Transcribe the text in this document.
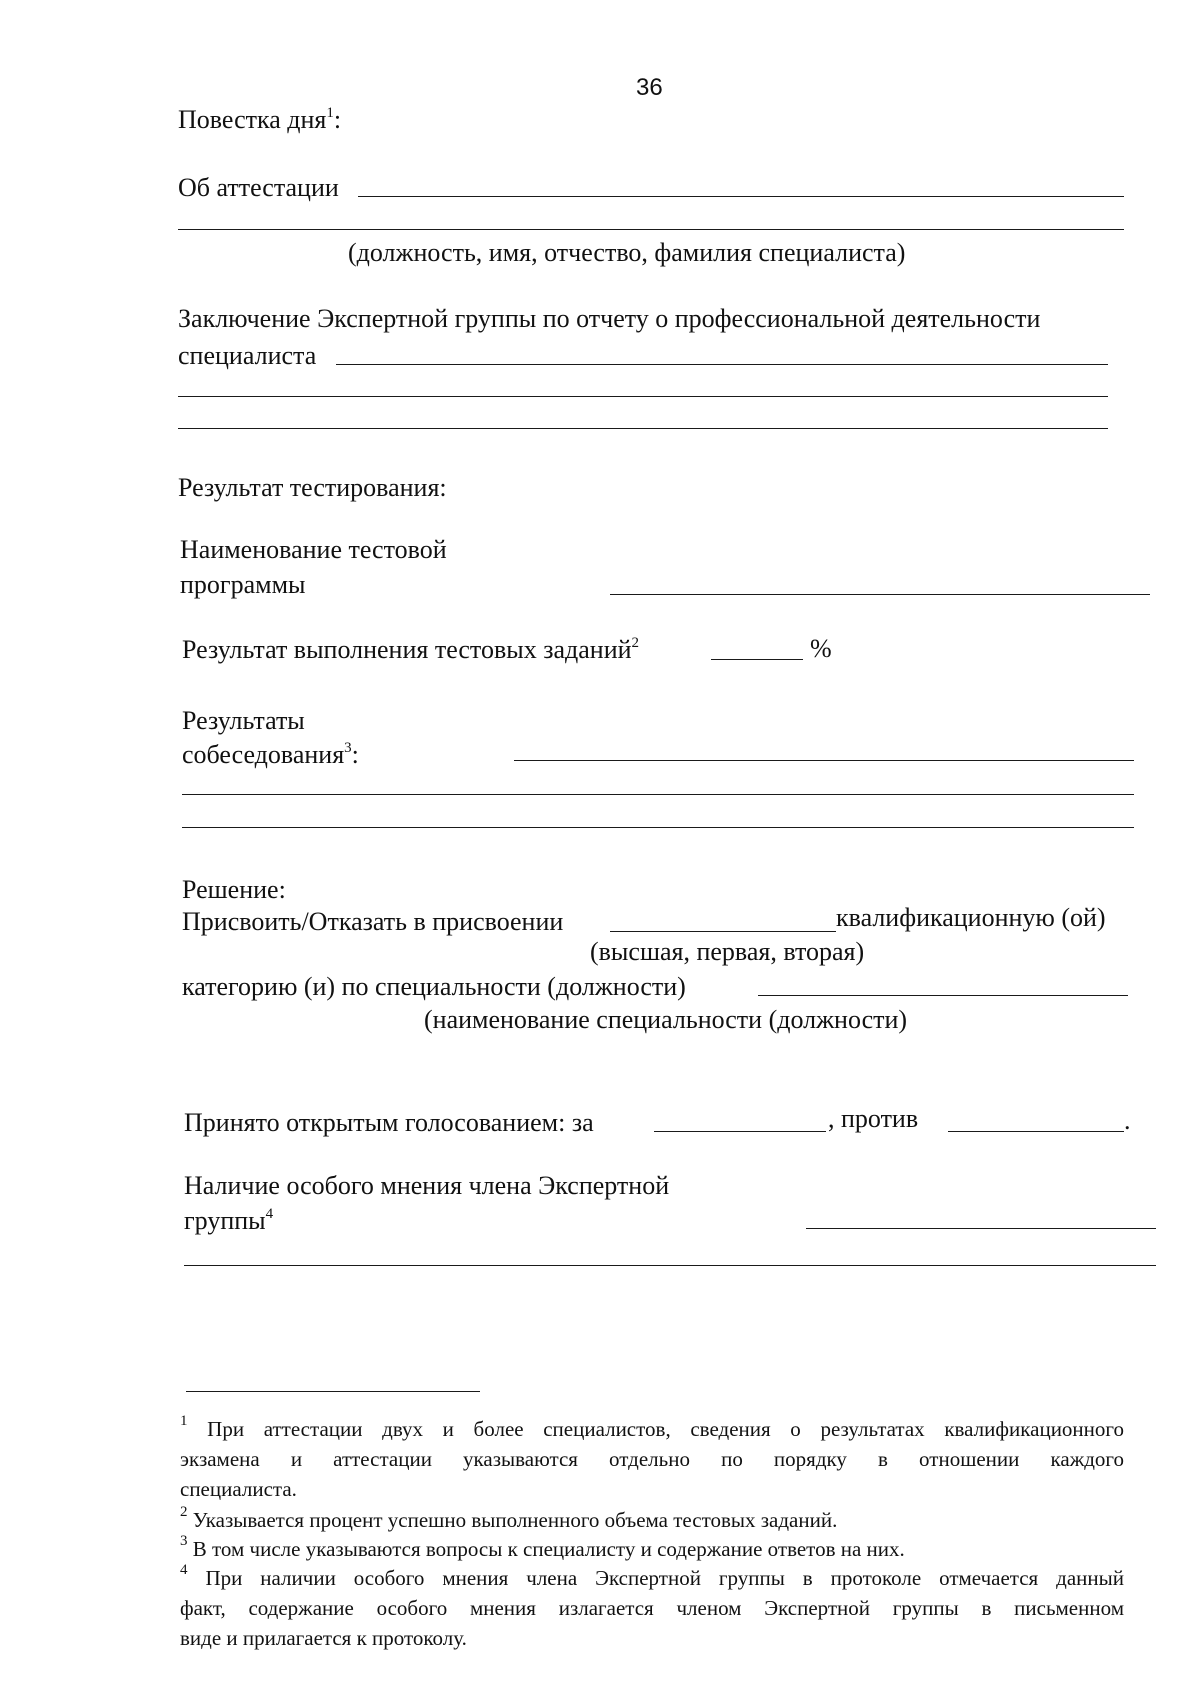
36
Повестка дня$^1$:
Об аттестации
(должность, имя, отчество, фамилия специалиста)
Заключение Экспертной группы по отчету о профессиональной деятельности
специалиста
Результат тестирования:
Наименование тестовой
программы
Результат выполнения тестовых заданий$^2$	%
Результаты
собеседования$^3$:
Решение:
Присвоить/Отказать в присвоении	квалификационную (ой)
(высшая, первая, вторая)
категорию (и) по специальности (должности)
(наименование специальности (должности)
Принято открытым голосованием: за	, против	.
Наличие особого мнения члена Экспертной
группы$^4$
$^1$ При аттестации двух и более специалистов, сведения о результатах квалификационного
экзамена и аттестации указываются отдельно по порядку в отношении каждого
специалиста.
$^2$ Указывается процент успешно выполненного объема тестовых заданий.
$^3$ В том числе указываются вопросы к специалисту и содержание ответов на них.
$^4$ При наличии особого мнения члена Экспертной группы в протоколе отмечается данный
факт, содержание особого мнения излагается членом Экспертной группы в письменном
виде и прилагается к протоколу.
